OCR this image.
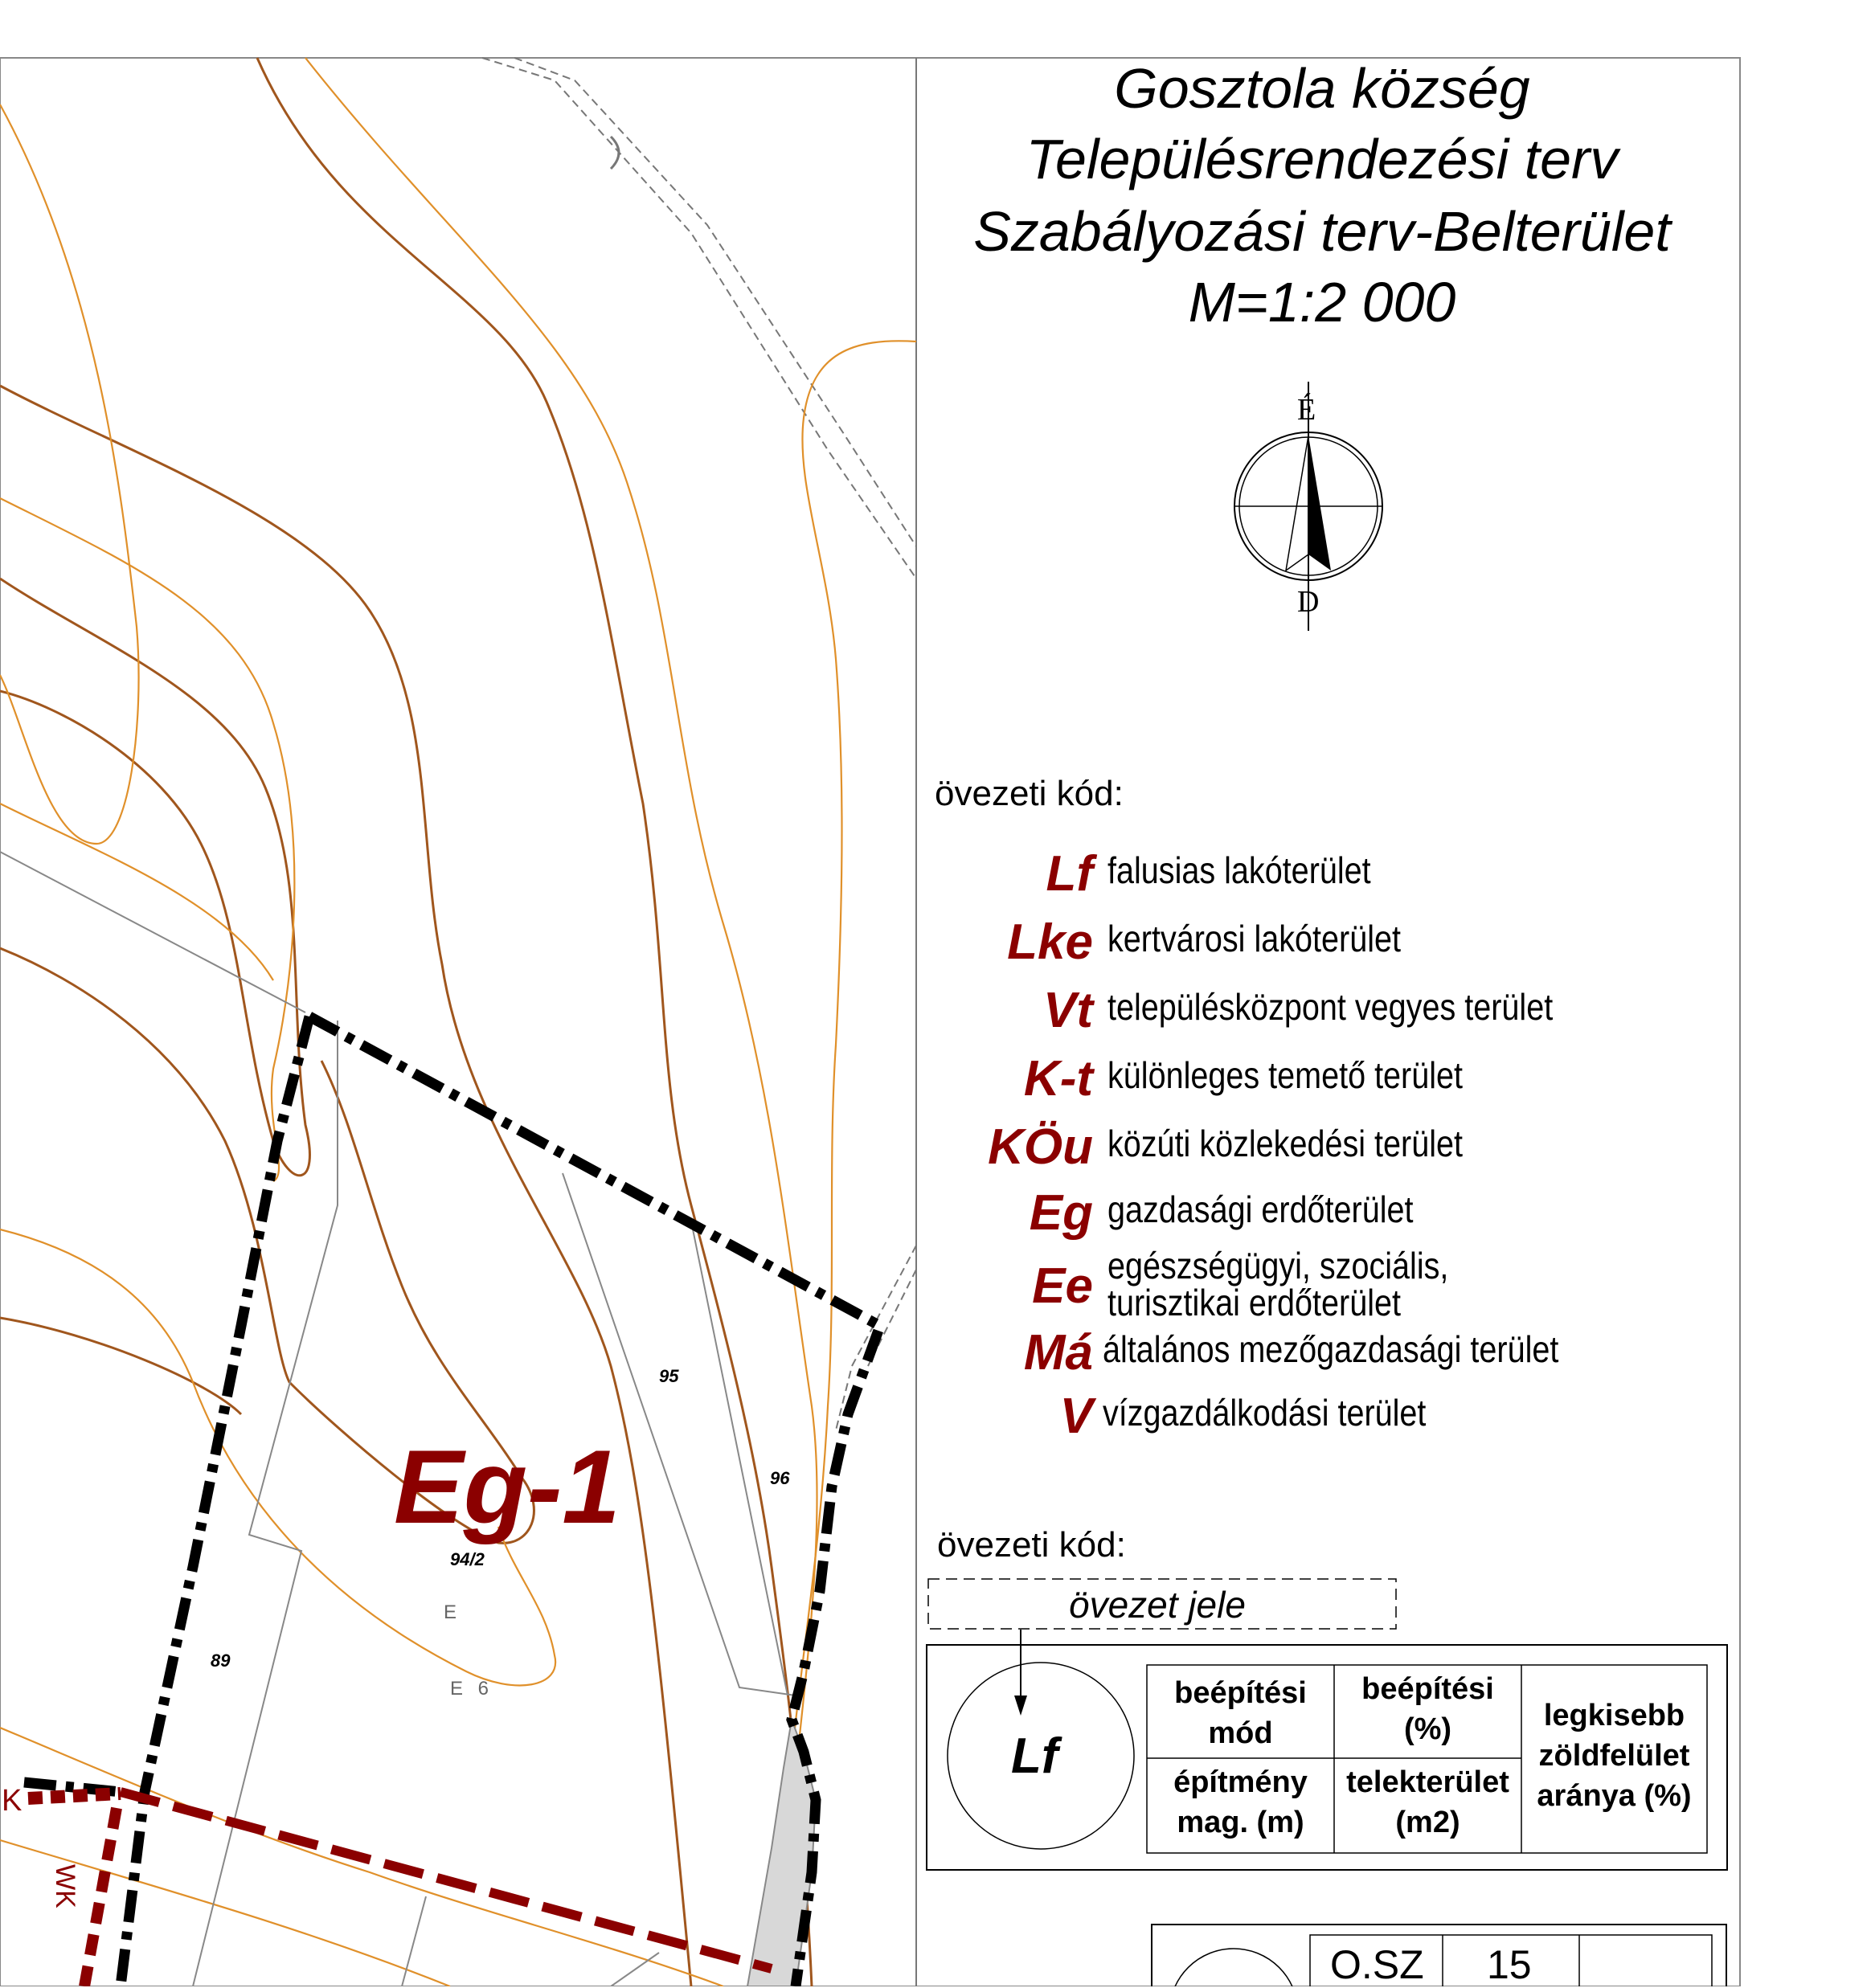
Gosztola község
Településrendezési terv
Szabályozási terv-Belterület
M=1:2 000
É
D
övezeti kód:
Lf falusias lakóterület
Lke kertvárosi lakóterület
Vt településközpont vegyes terület
K-t különleges temető terület
KÖu közúti közlekedési terület
Eg gazdasági erdőterület
Ee egészségügyi, szociális,
turisztikai erdőterület
Má általános mezőgazdasági terület
V vízgazdálkodási terület
övezeti kód:
övezet jele
Lf
beépítési
mód
beépítési
(%)
építmény
mag. (m)
telekterület
(m2)
legkisebb
zöldfelület
aránya (%)
O.SZ 15
Eg-1
95
96
94/2
89
E
E 6
K
WK
